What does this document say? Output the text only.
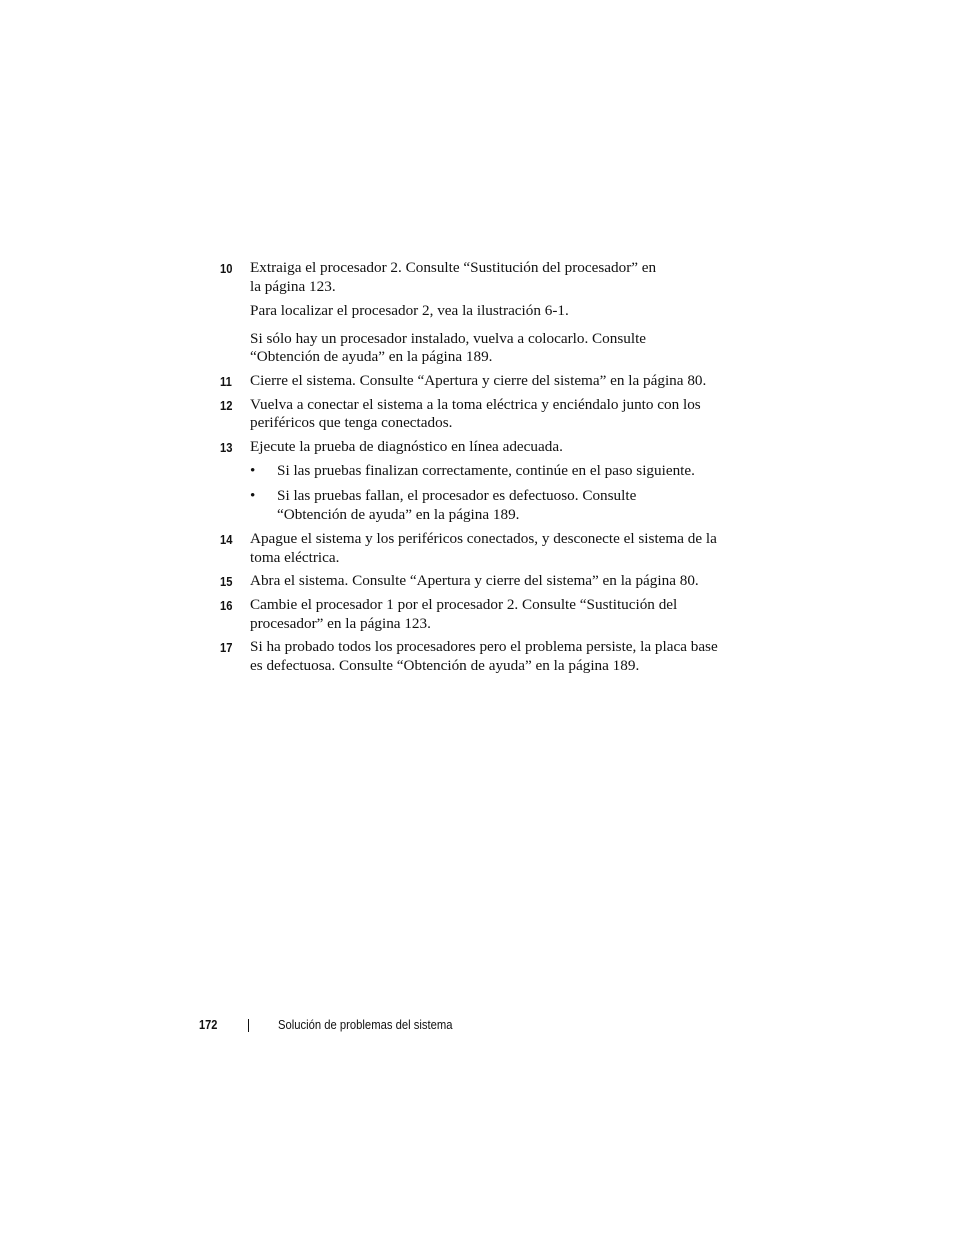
10 Extraiga el procesador 2. Consulte “Sustitución del procesador” en la página 123.

Para localizar el procesador 2, vea la ilustración 6-1.

Si sólo hay un procesador instalado, vuelva a colocarlo. Consulte “Obtención de ayuda” en la página 189.

11 Cierre el sistema. Consulte “Apertura y cierre del sistema” en la página 80.

12 Vuelva a conectar el sistema a la toma eléctrica y enciéndalo junto con los periféricos que tenga conectados.

13 Ejecute la prueba de diagnóstico en línea adecuada.

• Si las pruebas finalizan correctamente, continúe en el paso siguiente.
• Si las pruebas fallan, el procesador es defectuoso. Consulte “Obtención de ayuda” en la página 189.
14 Apague el sistema y los periféricos conectados, y desconecte el sistema de la toma eléctrica.

15 Abra el sistema. Consulte “Apertura y cierre del sistema” en la página 80.

16 Cambie el procesador 1 por el procesador 2. Consulte “Sustitución del procesador” en la página 123.

17 Si ha probado todos los procesadores pero el problema persiste, la placa base es defectuosa. Consulte “Obtención de ayuda” en la página 189.

172	Solución de problemas del sistema
